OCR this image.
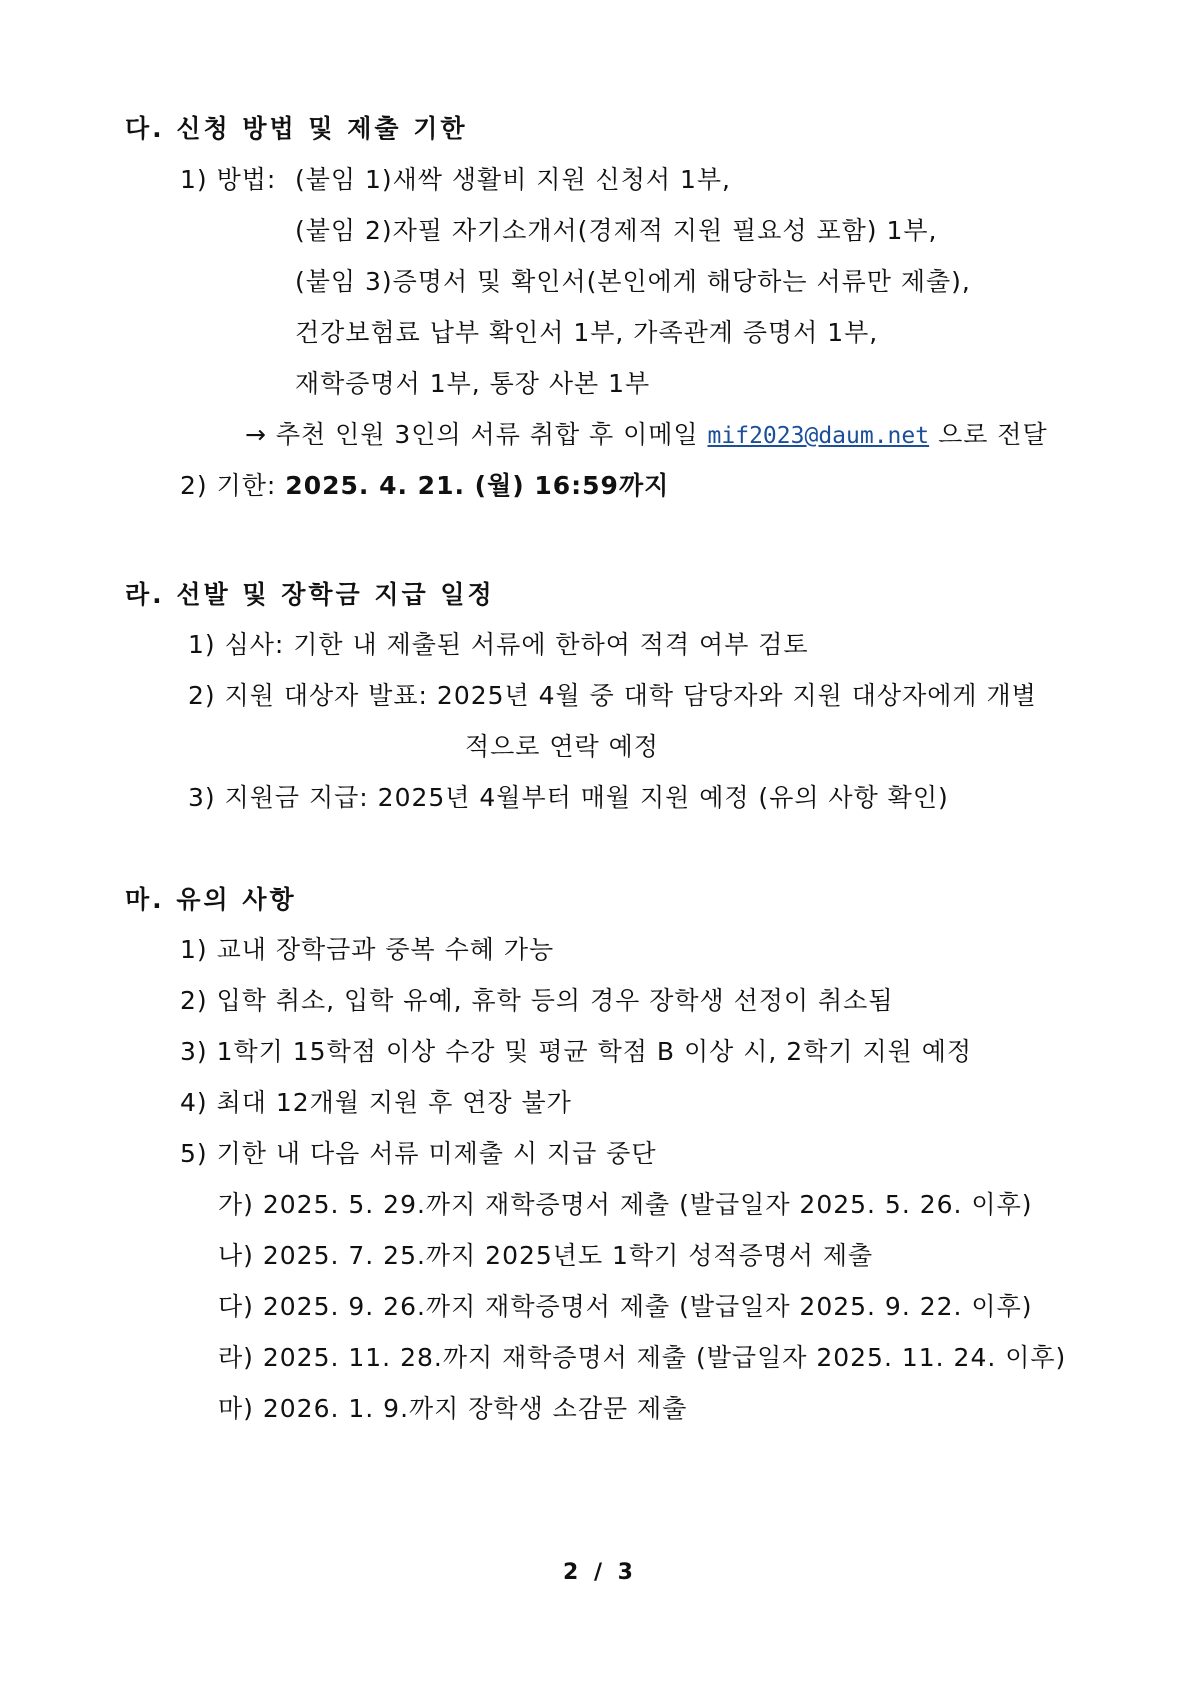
다. 신청 방법 및 제출 기한
1) 방법: (붙임 1)새싹 생활비 지원 신청서 1부,
(붙임 2)자필 자기소개서(경제적 지원 필요성 포함) 1부,
(붙임 3)증명서 및 확인서(본인에게 해당하는 서류만 제출),
건강보험료 납부 확인서 1부, 가족관계 증명서 1부,
재학증명서 1부, 통장 사본 1부
→ 추천 인원 3인의 서류 취합 후 이메일 mif2023@daum.net 으로 전달
2) 기한: 2025. 4. 21. (월) 16:59까지
라. 선발 및 장학금 지급 일정
1) 심사: 기한 내 제출된 서류에 한하여 적격 여부 검토
2) 지원 대상자 발표: 2025년 4월 중 대학 담당자와 지원 대상자에게 개별
적으로 연락 예정
3) 지원금 지급: 2025년 4월부터 매월 지원 예정 (유의 사항 확인)
마. 유의 사항
1) 교내 장학금과 중복 수혜 가능
2) 입학 취소, 입학 유예, 휴학 등의 경우 장학생 선정이 취소됨
3) 1학기 15학점 이상 수강 및 평균 학점 B 이상 시, 2학기 지원 예정
4) 최대 12개월 지원 후 연장 불가
5) 기한 내 다음 서류 미제출 시 지급 중단
가) 2025. 5. 29.까지 재학증명서 제출 (발급일자 2025. 5. 26. 이후)
나) 2025. 7. 25.까지 2025년도 1학기 성적증명서 제출
다) 2025. 9. 26.까지 재학증명서 제출 (발급일자 2025. 9. 22. 이후)
라) 2025. 11. 28.까지 재학증명서 제출 (발급일자 2025. 11. 24. 이후)
마) 2026. 1. 9.까지 장학생 소감문 제출
2 / 3
